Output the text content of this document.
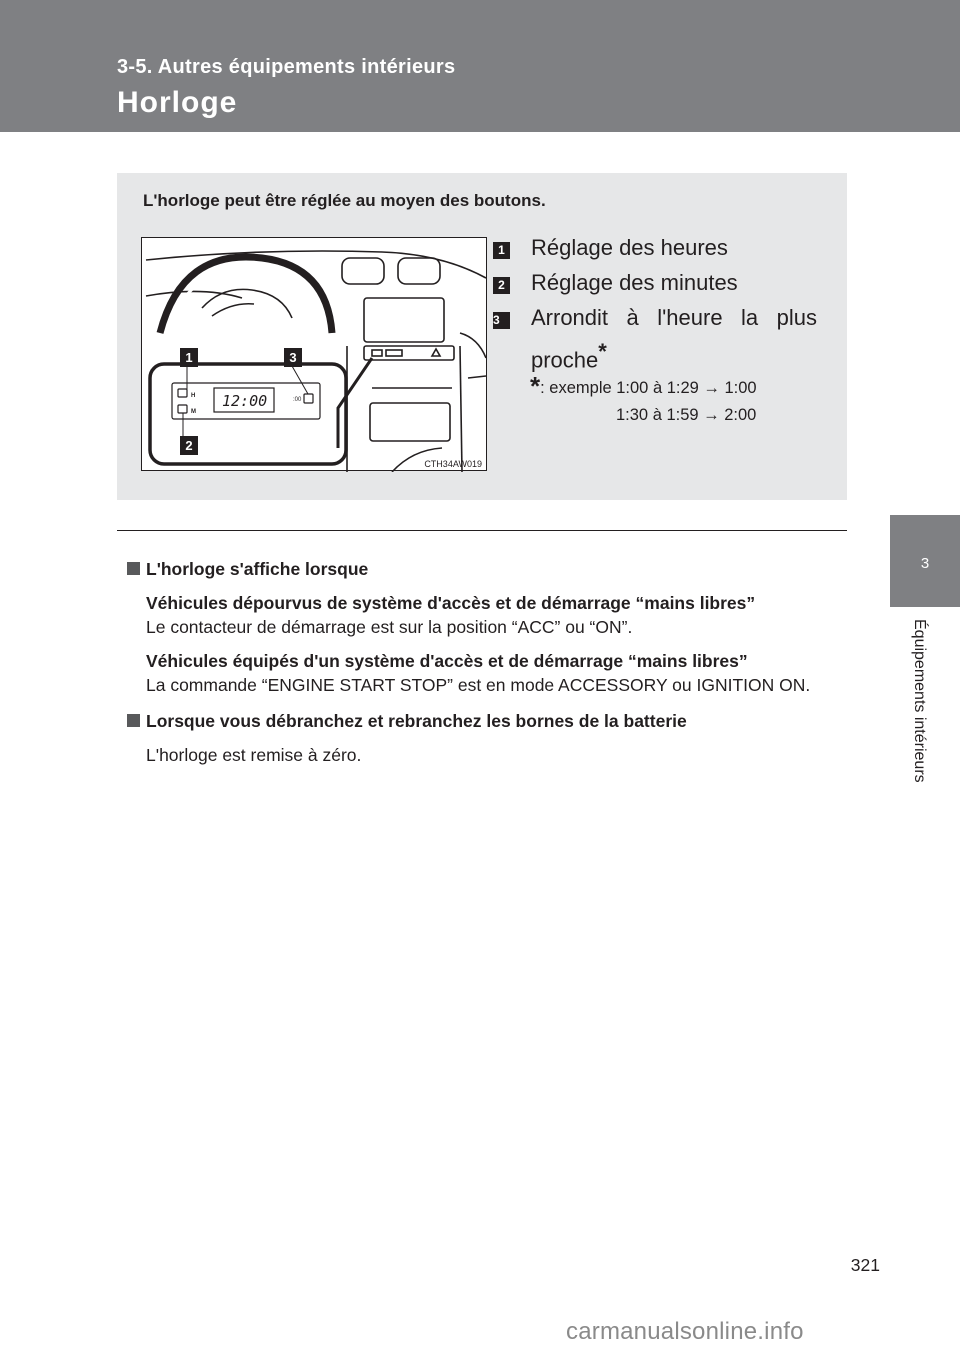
3-5. Autres équipements intérieurs
Horloge
3
Équipements intérieurs
L'horloge peut être réglée au moyen des boutons.
H
M
:00
12:00
1	3
2
CTH34AW019
1 Réglage des heures
2 Réglage des minutes
3	Arrondit à l'heure la plus proche*
*: exemple 1:00 à 1:29 → 1:00
1:30 à 1:59 → 2:00
L'horloge s'affiche lorsque
Véhicules dépourvus de système d'accès et de démarrage “mains libres”
Le contacteur de démarrage est sur la position “ACC” ou “ON”.
Véhicules équipés d'un système d'accès et de démarrage “mains libres”
La commande “ENGINE START STOP” est en mode ACCESSORY ou IGNITION ON.
Lorsque vous débranchez et rebranchez les bornes de la batterie
L'horloge est remise à zéro.
321
carmanualsonline.info
